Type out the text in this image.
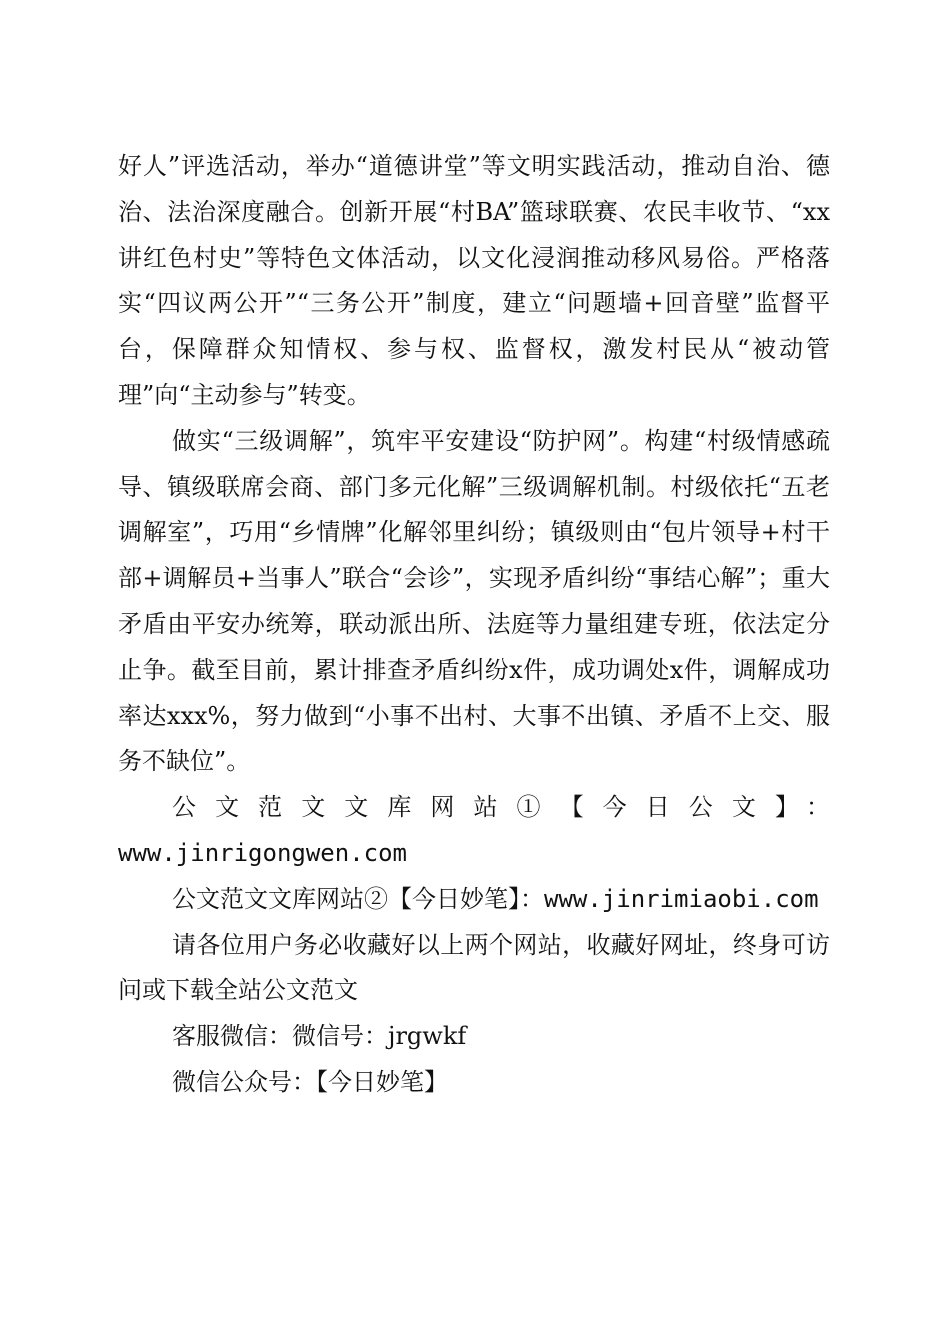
好人”评选活动，举办“道德讲堂”等文明实践活动，推动自治、德治、法治深度融合。创新开展“村BA”篮球联赛、农民丰收节、“xx讲红色村史”等特色文体活动，以文化浸润推动移风易俗。严格落实“四议两公开”“三务公开”制度，建立“问题墙+回音壁”监督平台，保障群众知情权、参与权、监督权，激发村民从“被动管理”向“主动参与”转变。

做实“三级调解”，筑牢平安建设“防护网”。构建“村级情感疏导、镇级联席会商、部门多元化解”三级调解机制。村级依托“五老调解室”，巧用“乡情牌”化解邻里纠纷；镇级则由“包片领导+村干部+调解员+当事人”联合“会诊”，实现矛盾纠纷“事结心解”；重大矛盾由平安办统筹，联动派出所、法庭等力量组建专班，依法定分止争。截至目前，累计排查矛盾纠纷x件，成功调处x件，调解成功率达xxx%，努力做到“小事不出村、大事不出镇、矛盾不上交、服务不缺位”。

公文范文文库网站①【今日公文】：

www.jinrigongwen.com

公文范文文库网站②【今日妙笔】：www.jinrimiaobi.com

请各位用户务必收藏好以上两个网站，收藏好网址，终身可访问或下载全站公文范文

客服微信：微信号：jrgwkf

微信公众号：【今日妙笔】
